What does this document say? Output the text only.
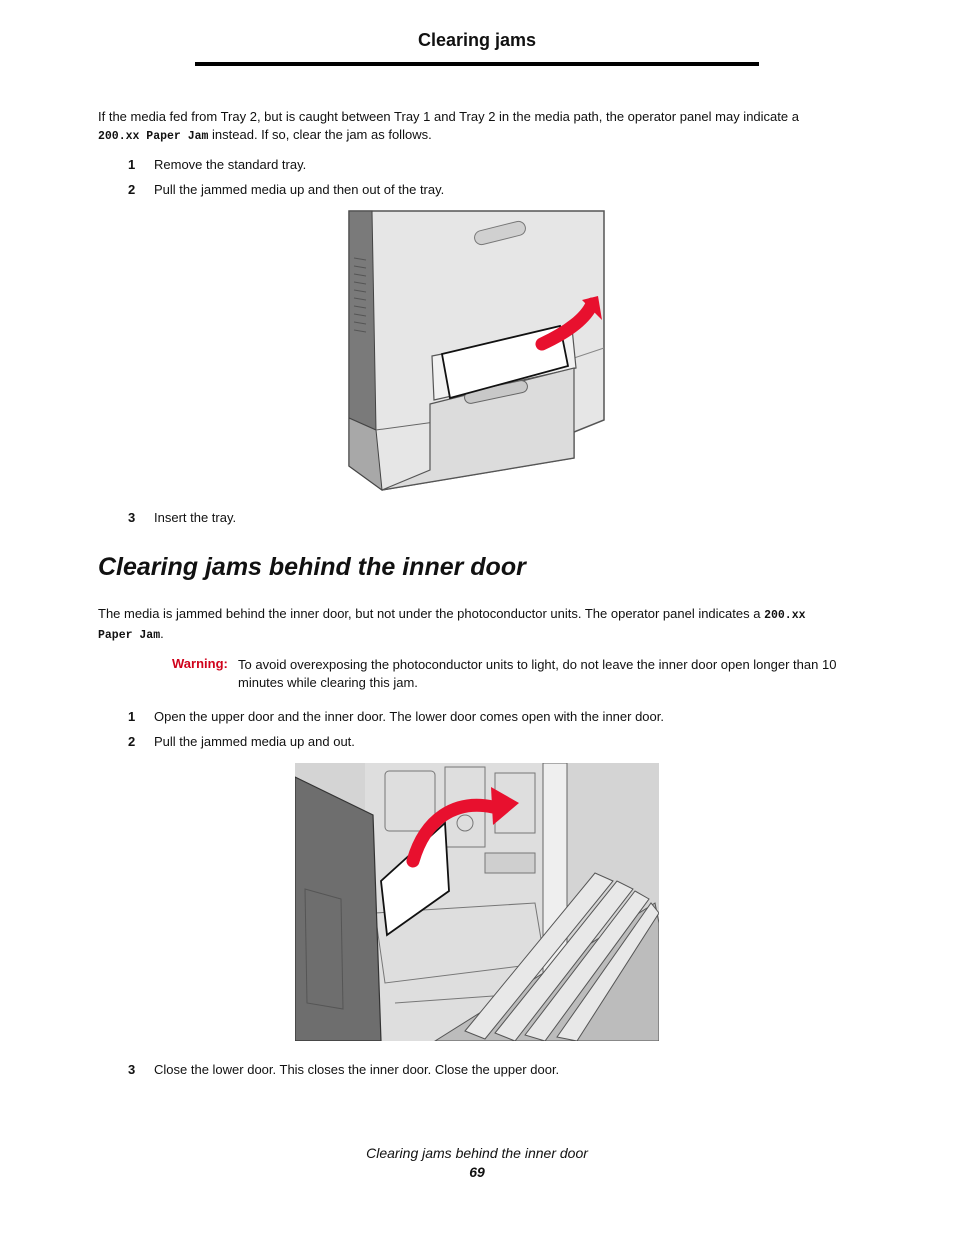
Clearing jams
If the media fed from Tray 2, but is caught between Tray 1 and Tray 2 in the media path, the operator panel may indicate a
200.xx Paper Jam instead. If so, clear the jam as follows.
1 Remove the standard tray.
2 Pull the jammed media up and then out of the tray.
3 Insert the tray.
Clearing jams behind the inner door
The media is jammed behind the inner door, but not under the photoconductor units. The operator panel indicates a 200.xx
Paper Jam.
Warning: To avoid overexposing the photoconductor units to light, do not leave the inner door open longer than 10 minutes while clearing this jam.
1 Open the upper door and the inner door. The lower door comes open with the inner door.
2 Pull the jammed media up and out.
3 Close the lower door. This closes the inner door. Close the upper door.
Clearing jams behind the inner door
69
